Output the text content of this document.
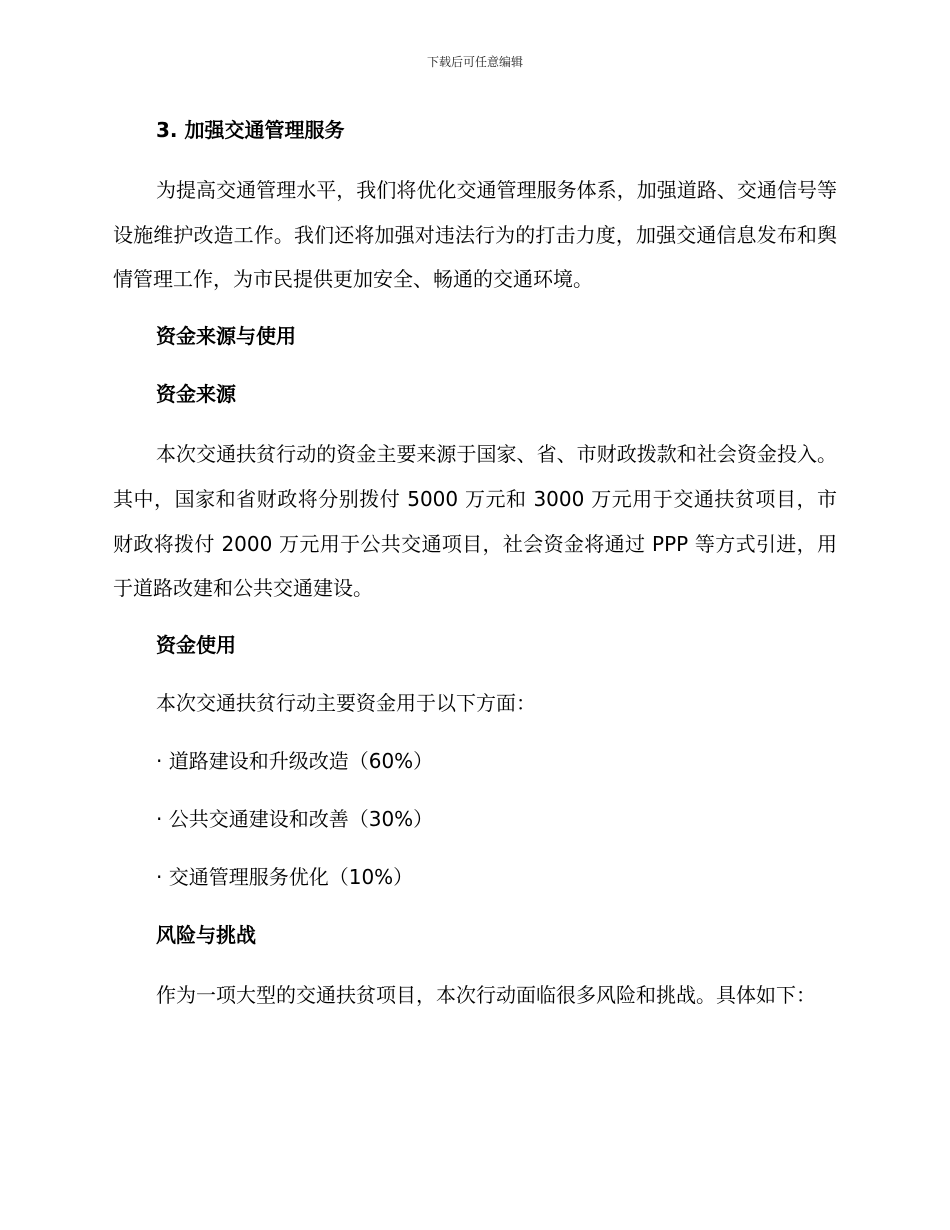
下载后可任意编辑
3. 加强交通管理服务

为提高交通管理水平，我们将优化交通管理服务体系，加强道路、交通信号等设施维护改造工作。我们还将加强对违法行为的打击力度，加强交通信息发布和舆情管理工作，为市民提供更加安全、畅通的交通环境。

资金来源与使用
资金来源

本次交通扶贫行动的资金主要来源于国家、省、市财政拨款和社会资金投入。其中，国家和省财政将分别拨付 5000 万元和 3000 万元用于交通扶贫项目，市财政将拨付 2000 万元用于公共交通项目，社会资金将通过 PPP 等方式引进，用于道路改建和公共交通建设。

资金使用
本次交通扶贫行动主要资金用于以下方面：
· 道路建设和升级改造（60%）
· 公共交通建设和改善（30%）
· 交通管理服务优化（10%）
风险与挑战

作为一项大型的交通扶贫项目，本次行动面临很多风险和挑战。具体如下：
